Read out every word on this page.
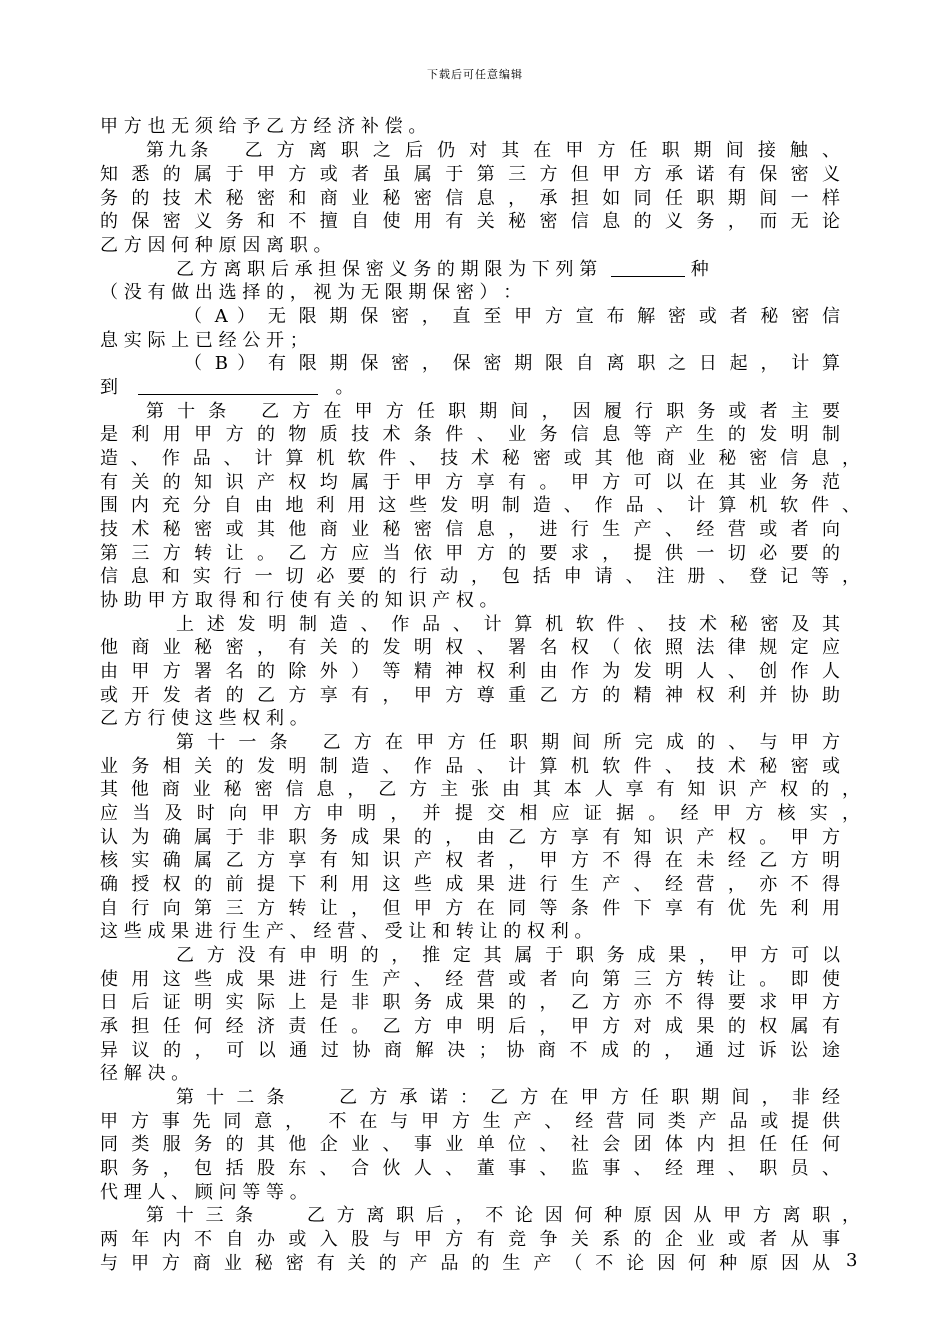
下载后可任意编辑
甲 方 也 无 须 给 予 乙 方 经 济 补 偿 。
第九条　 乙 方 离 职 之 后 仍 对 其 在 甲 方 任 职 期 间 接 触 、
知 悉 的 属 于 甲 方 或 者 虽 属 于 第 三 方 但 甲 方 承 诺 有 保 密 义
务 的 技 术 秘 密 和 商 业 秘 密 信 息 ， 承 担 如 同 任 职 期 间 一 样
的 保 密 义 务 和 不 擅 自 使 用 有 关 秘 密 信 息 的 义 务 ， 而 无 论
乙 方 因 何 种 原 因 离 职 。
乙 方 离 职 后 承 担 保 密 义 务 的 期 限 为 下 列 第	种
（ 没 有 做 出 选 择 的 ， 视 为 无 限 期 保 密 ） ：
（ A ） 无 限 期 保 密 ， 直 至 甲 方 宣 布 解 密 或 者 秘 密 信
息 实 际 上 已 经 公 开 ；
（ B ） 有 限 期 保 密 ， 保 密 期 限 自 离 职 之 日 起 ， 计 算
到	。
第 十 条　 乙 方 在 甲 方 任 职 期 间 ， 因 履 行 职 务 或 者 主 要
是 利 用 甲 方 的 物 质 技 术 条 件 、 业 务 信 息 等 产 生 的 发 明 制
造 、 作 品 、 计 算 机 软 件 、 技 术 秘 密 或 其 他 商 业 秘 密 信 息 ，
有 关 的 知 识 产 权 均 属 于 甲 方 享 有 。 甲 方 可 以 在 其 业 务 范
围 内 充 分 自 由 地 利 用 这 些 发 明 制 造 、 作 品 、 计 算 机 软 件 、
技 术 秘 密 或 其 他 商 业 秘 密 信 息 ， 进 行 生 产 、 经 营 或 者 向
第 三 方 转 让 。 乙 方 应 当 依 甲 方 的 要 求 ， 提 供 一 切 必 要 的
信 息 和 实 行 一 切 必 要 的 行 动 ， 包 括 申 请 、 注 册 、 登 记 等 ，
协 助 甲 方 取 得 和 行 使 有 关 的 知 识 产 权 。
上 述 发 明 制 造 、 作 品 、 计 算 机 软 件 、 技 术 秘 密 及 其
他 商 业 秘 密 ， 有 关 的 发 明 权 、 署 名 权 （ 依 照 法 律 规 定 应
由 甲 方 署 名 的 除 外 ） 等 精 神 权 利 由 作 为 发 明 人 、 创 作 人
或 开 发 者 的 乙 方 享 有 ， 甲 方 尊 重 乙 方 的 精 神 权 利 并 协 助
乙 方 行 使 这 些 权 利 。
第 十 一 条　 乙 方 在 甲 方 任 职 期 间 所 完 成 的 、 与 甲 方
业 务 相 关 的 发 明 制 造 、 作 品 、 计 算 机 软 件 、 技 术 秘 密 或
其 他 商 业 秘 密 信 息 ， 乙 方 主 张 由 其 本 人 享 有 知 识 产 权 的 ，
应 当 及 时 向 甲 方 申 明 ， 并 提 交 相 应 证 据 。 经 甲 方 核 实 ，
认 为 确 属 于 非 职 务 成 果 的 ， 由 乙 方 享 有 知 识 产 权 。 甲 方
核 实 确 属 乙 方 享 有 知 识 产 权 者 ， 甲 方 不 得 在 未 经 乙 方 明
确 授 权 的 前 提 下 利 用 这 些 成 果 进 行 生 产 、 经 营 ， 亦 不 得
自 行 向 第 三 方 转 让 ， 但 甲 方 在 同 等 条 件 下 享 有 优 先 利 用
这 些 成 果 进 行 生 产 、 经 营 、 受 让 和 转 让 的 权 利 。
乙 方 没 有 申 明 的 ， 推 定 其 属 于 职 务 成 果 ， 甲 方 可 以
使 用 这 些 成 果 进 行 生 产 、 经 营 或 者 向 第 三 方 转 让 。 即 使
日 后 证 明 实 际 上 是 非 职 务 成 果 的 ， 乙 方 亦 不 得 要 求 甲 方
承 担 任 何 经 济 责 任 。 乙 方 申 明 后 ， 甲 方 对 成 果 的 权 属 有
异 议 的 ， 可 以 通 过 协 商 解 决 ； 协 商 不 成 的 ， 通 过 诉 讼 途
径 解 决 。
第 十 二 条　　 乙 方 承 诺 ： 乙 方 在 甲 方 任 职 期 间 ， 非 经
甲 方 事 先 同 意 ，　 不 在 与 甲 方 生 产 、 经 营 同 类 产 品 或 提 供
同 类 服 务 的 其 他 企 业 、 事 业 单 位 、 社 会 团 体 内 担 任 任 何
职 务 ， 包 括 股 东 、 合 伙 人 、 董 事 、 监 事 、 经 理 、 职 员 、
代 理 人 、 顾 问 等 等 。
第 十 三 条　　 乙 方 离 职 后 ， 不 论 因 何 种 原 因 从 甲 方 离 职 ，
两 年 内 不 自 办 或 入 股 与 甲 方 有 竞 争 关 系 的 企 业 或 者 从 事
与 甲 方 商 业 秘 密 有 关 的 产 品 的 生 产 （ 不 论 因 何 种 原 因 从 3
